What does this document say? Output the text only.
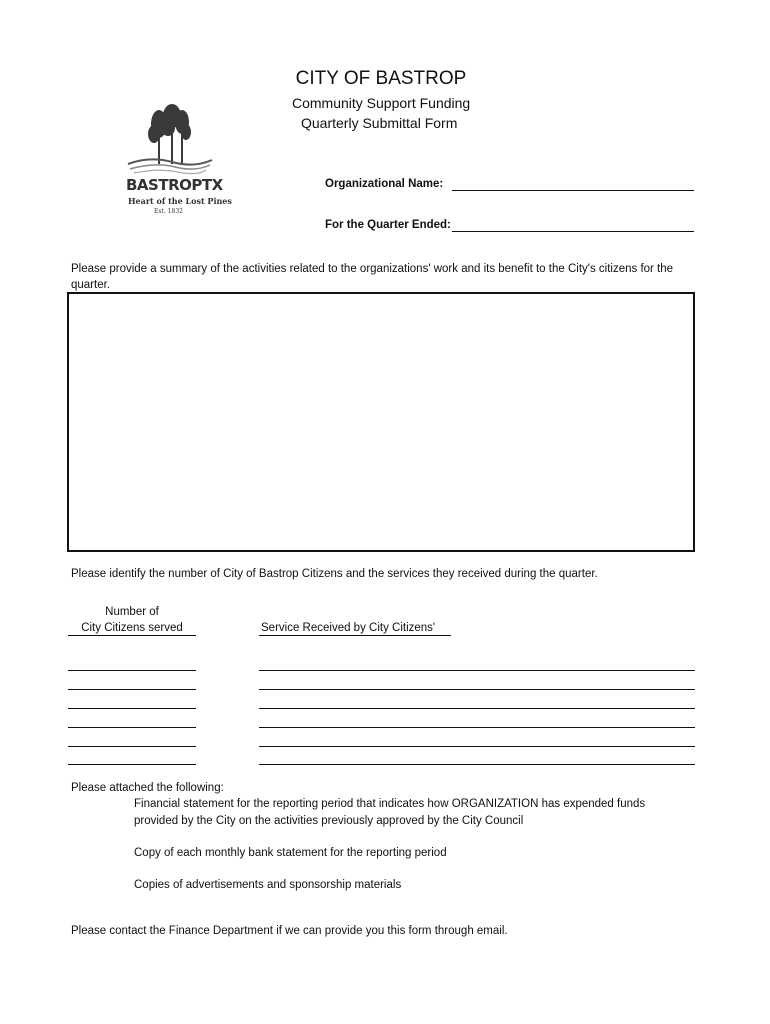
CITY OF BASTROP
Community Support Funding
Quarterly Submittal Form
BASTROPTX
Heart of the Lost Pines
Est. 1832
Organizational Name:
For the Quarter Ended:
Please provide a summary of the activities related to the organizations' work and its benefit to the City's citizens for the quarter.
Please identify the number of City of Bastrop Citizens and the services they received during the quarter.
Number of
City Citizens served	Service Received by City Citizens'
Please attached the following:
Financial statement for the reporting period that indicates how ORGANIZATION has expended funds
provided by the City on the activities previously approved by the City Council
Copy of each monthly bank statement for the reporting period
Copies of advertisements and sponsorship materials
Please contact the Finance Department if we can provide you this form through email.
